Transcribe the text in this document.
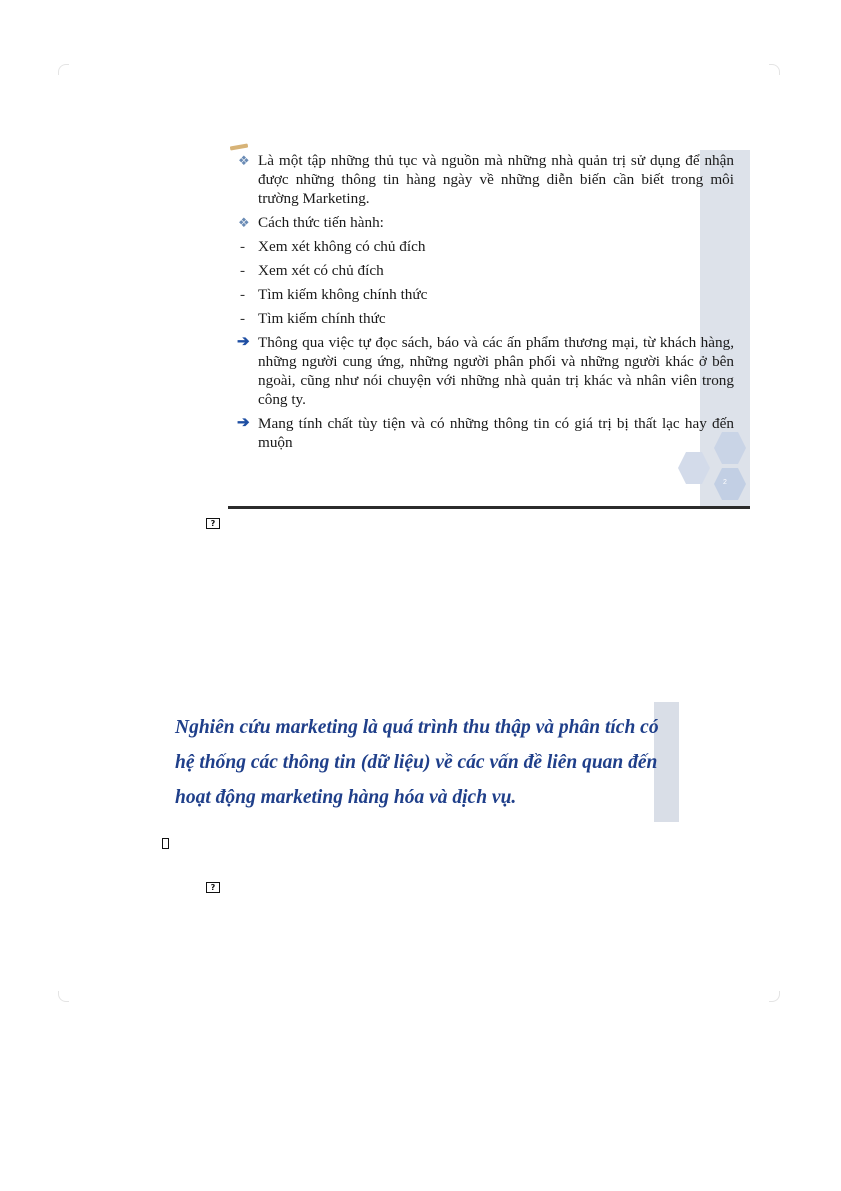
❖ Là một tập những thủ tục và nguồn mà những nhà quản trị sử dụng để nhận được những thông tin hàng ngày về những diễn biến cần biết trong môi trường Marketing.
❖ Cách thức tiến hành:
- Xem xét không có chủ đích
- Xem xét có chủ đích
- Tìm kiếm không chính thức
- Tìm kiếm chính thức
➔ Thông qua việc tự đọc sách, báo và các ấn phẩm thương mại, từ khách hàng, những người cung ứng, những người phân phối và những người khác ở bên ngoài, cũng như nói chuyện với những nhà quản trị khác và nhân viên trong công ty.
➔ Mang tính chất tùy tiện và có những thông tin có giá trị bị thất lạc hay đến muộn
2
?
Nghiên cứu marketing là quá trình thu thập và phân tích có hệ thống các thông tin (dữ liệu) về các vấn đề liên quan đến hoạt động marketing hàng hóa và dịch vụ.
?
